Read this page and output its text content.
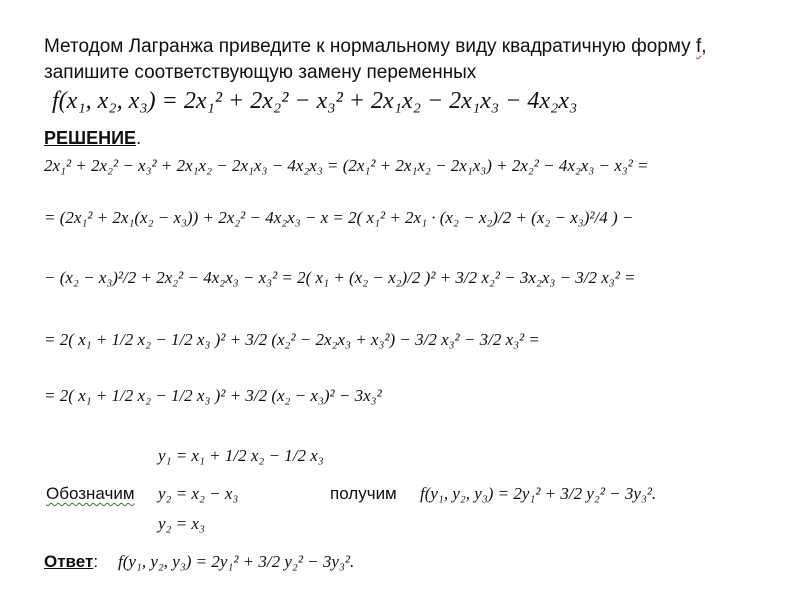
Методом Лагранжа приведите к нормальному виду квадратичную форму f,
запишите соответствующую замену переменных
f(x₁, x₂, x₃) = 2x₁² + 2x₂² − x₃² + 2x₁x₂ − 2x₁x₃ − 4x₂x₃
РЕШЕНИЕ.
2x₁² + 2x₂² − x₃² + 2x₁x₂ − 2x₁x₃ − 4x₂x₃ = (2x₁² + 2x₁x₂ − 2x₁x₃) + 2x₂² − 4x₂x₃ − x₃² =
= (2x₁² + 2x₁(x₂ − x₃)) + 2x₂² − 4x₂x₃ − x = 2( x₁² + 2x₁ · (x₂ − x₂)/2 + (x₂ − x₃)²/4 ) −
− (x₂ − x₃)²/2 + 2x₂² − 4x₂x₃ − x₃² = 2( x₁ + (x₂ − x₂)/2 )² + 3/2 x₂² − 3x₂x₃ − 3/2 x₃² =
= 2( x₁ + 1/2 x₂ − 1/2 x₃ )² + 3/2 (x₂² − 2x₂x₃ + x₃²) − 3/2 x₃² − 3/2 x₃² =
= 2( x₁ + 1/2 x₂ − 1/2 x₃ )² + 3/2 (x₂ − x₃)² − 3x₃²
y₁ = x₁ + 1/2 x₂ − 1/2 x₃
Обозначим y₂ = x₂ − x₃	получим f(y₁, y₂, y₃) = 2y₁² + 3/2 y₂² − 3y₃².
y₂ = x₃
Ответ: f(y₁, y₂, y₃) = 2y₁² + 3/2 y₂² − 3y₃².
